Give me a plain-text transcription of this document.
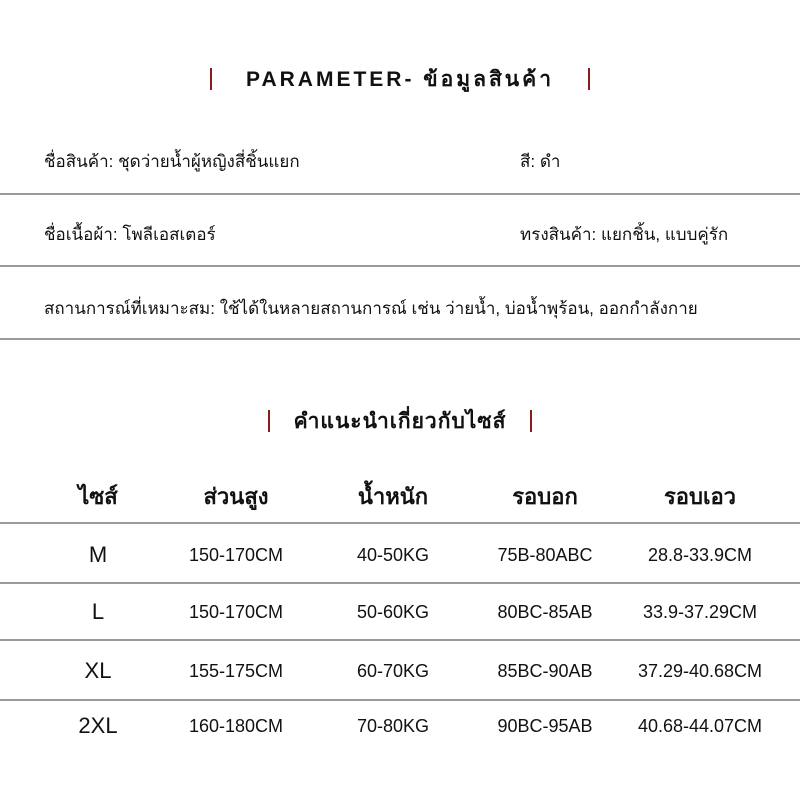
PARAMETER- ข้อมูลสินค้า
ชื่อสินค้า: ชุดว่ายน้ำผู้หญิงสี่ชิ้นแยก	สี: ดำ
ชื่อเนื้อผ้า: โพลีเอสเตอร์	ทรงสินค้า: แยกชิ้น, แบบคู่รัก
สถานการณ์ที่เหมาะสม: ใช้ได้ในหลายสถานการณ์ เช่น ว่ายน้ำ, บ่อน้ำพุร้อน, ออกกำลังกาย
คำแนะนำเกี่ยวกับไซส์
ไซส์	ส่วนสูง	น้ำหนัก	รอบอก	รอบเอว
M	150-170CM	40-50KG	75B-80ABC	28.8-33.9CM
L	150-170CM	50-60KG	80BC-85AB	33.9-37.29CM
XL	155-175CM	60-70KG	85BC-90AB	37.29-40.68CM
2XL	160-180CM	70-80KG	90BC-95AB	40.68-44.07CM
